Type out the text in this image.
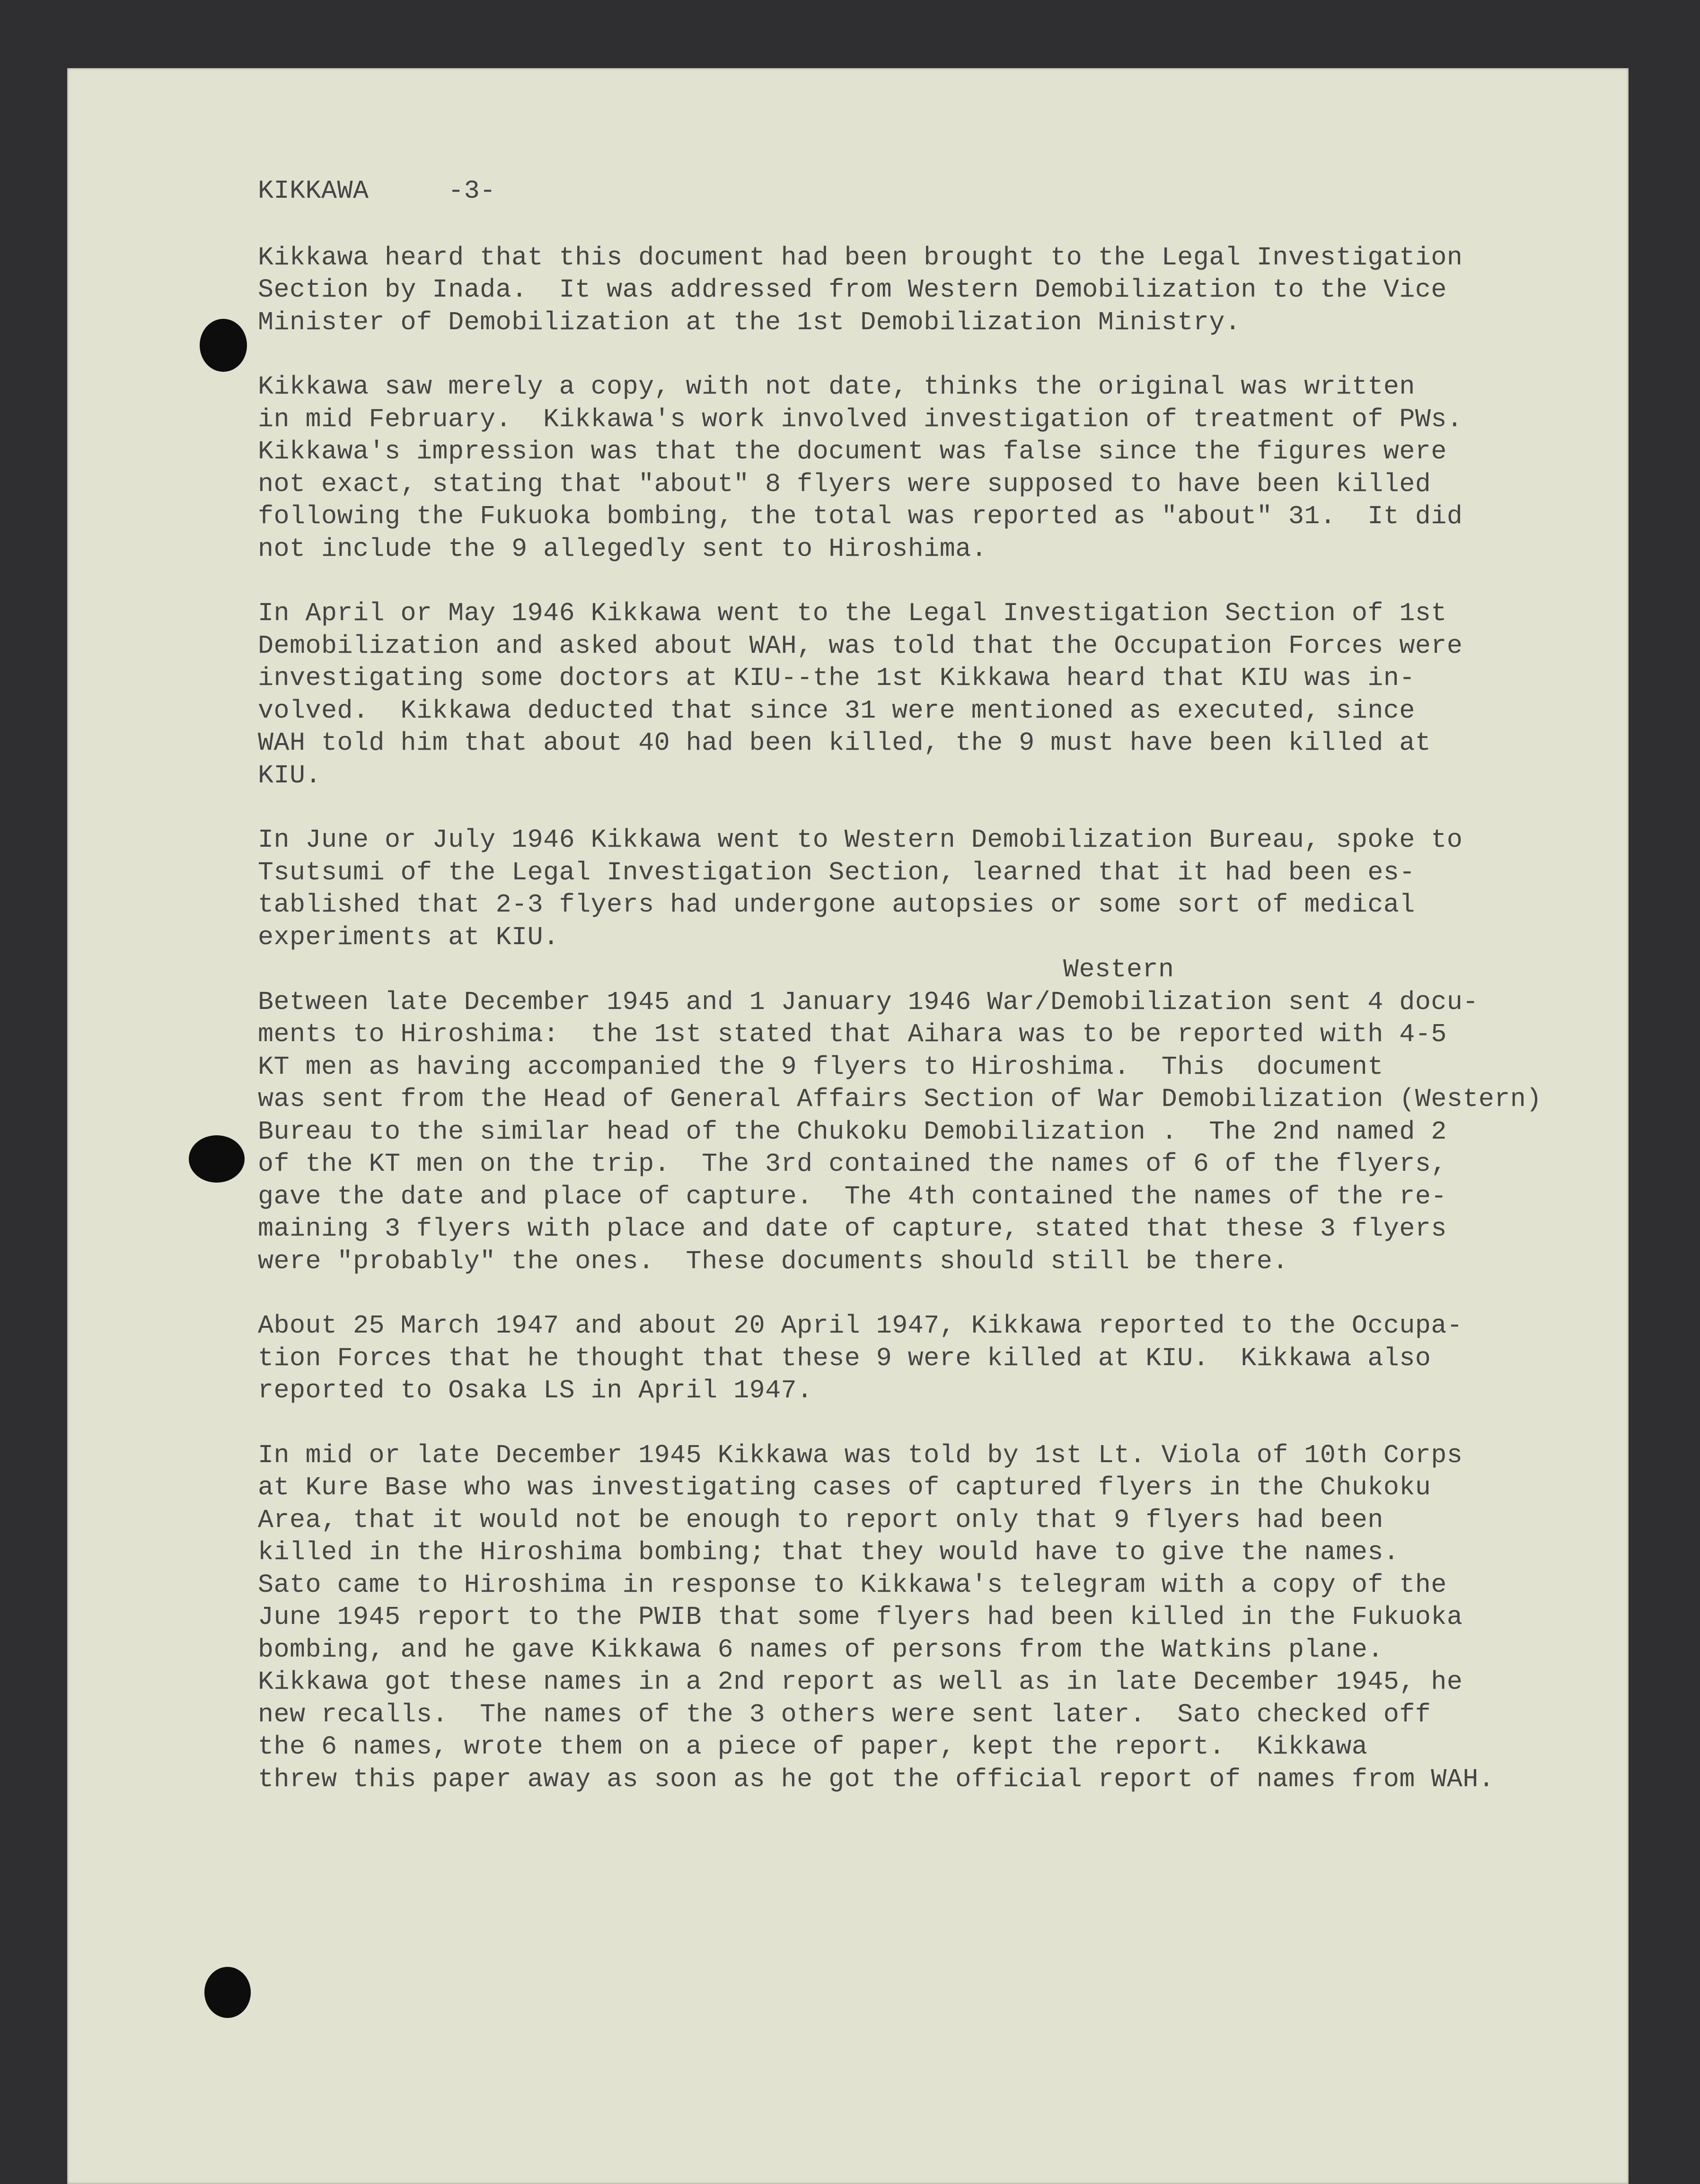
KIKKAWA	-3-
Kikkawa heard that this document had been brought to the Legal Investigation
Section by Inada.  It was addressed from Western Demobilization to the Vice
Minister of Demobilization at the 1st Demobilization Ministry.
Kikkawa saw merely a copy, with not date, thinks the original was written
in mid February.  Kikkawa's work involved investigation of treatment of PWs.
Kikkawa's impression was that the document was false since the figures were
not exact, stating that "about" 8 flyers were supposed to have been killed
following the Fukuoka bombing, the total was reported as "about" 31.  It did
not include the 9 allegedly sent to Hiroshima.
In April or May 1946 Kikkawa went to the Legal Investigation Section of 1st
Demobilization and asked about WAH, was told that the Occupation Forces were
investigating some doctors at KIU--the 1st Kikkawa heard that KIU was in-
volved.  Kikkawa deducted that since 31 were mentioned as executed, since
WAH told him that about 40 had been killed, the 9 must have been killed at
KIU.
In June or July 1946 Kikkawa went to Western Demobilization Bureau, spoke to
Tsutsumi of the Legal Investigation Section, learned that it had been es-
tablished that 2-3 flyers had undergone autopsies or some sort of medical
experiments at KIU.
Western
Between late December 1945 and 1 January 1946 War/Demobilization sent 4 docu-
ments to Hiroshima:  the 1st stated that Aihara was to be reported with 4-5
KT men as having accompanied the 9 flyers to Hiroshima.  This  document
was sent from the Head of General Affairs Section of War Demobilization (Western)
Bureau to the similar head of the Chukoku Demobilization .  The 2nd named 2
of the KT men on the trip.  The 3rd contained the names of 6 of the flyers,
gave the date and place of capture.  The 4th contained the names of the re-
maining 3 flyers with place and date of capture, stated that these 3 flyers
were "probably" the ones.  These documents should still be there.
About 25 March 1947 and about 20 April 1947, Kikkawa reported to the Occupa-
tion Forces that he thought that these 9 were killed at KIU.  Kikkawa also
reported to Osaka LS in April 1947.
In mid or late December 1945 Kikkawa was told by 1st Lt. Viola of 10th Corps
at Kure Base who was investigating cases of captured flyers in the Chukoku
Area, that it would not be enough to report only that 9 flyers had been
killed in the Hiroshima bombing; that they would have to give the names.
Sato came to Hiroshima in response to Kikkawa's telegram with a copy of the
June 1945 report to the PWIB that some flyers had been killed in the Fukuoka
bombing, and he gave Kikkawa 6 names of persons from the Watkins plane.
Kikkawa got these names in a 2nd report as well as in late December 1945, he
new recalls.  The names of the 3 others were sent later.  Sato checked off
the 6 names, wrote them on a piece of paper, kept the report.  Kikkawa
threw this paper away as soon as he got the official report of names from WAH.
